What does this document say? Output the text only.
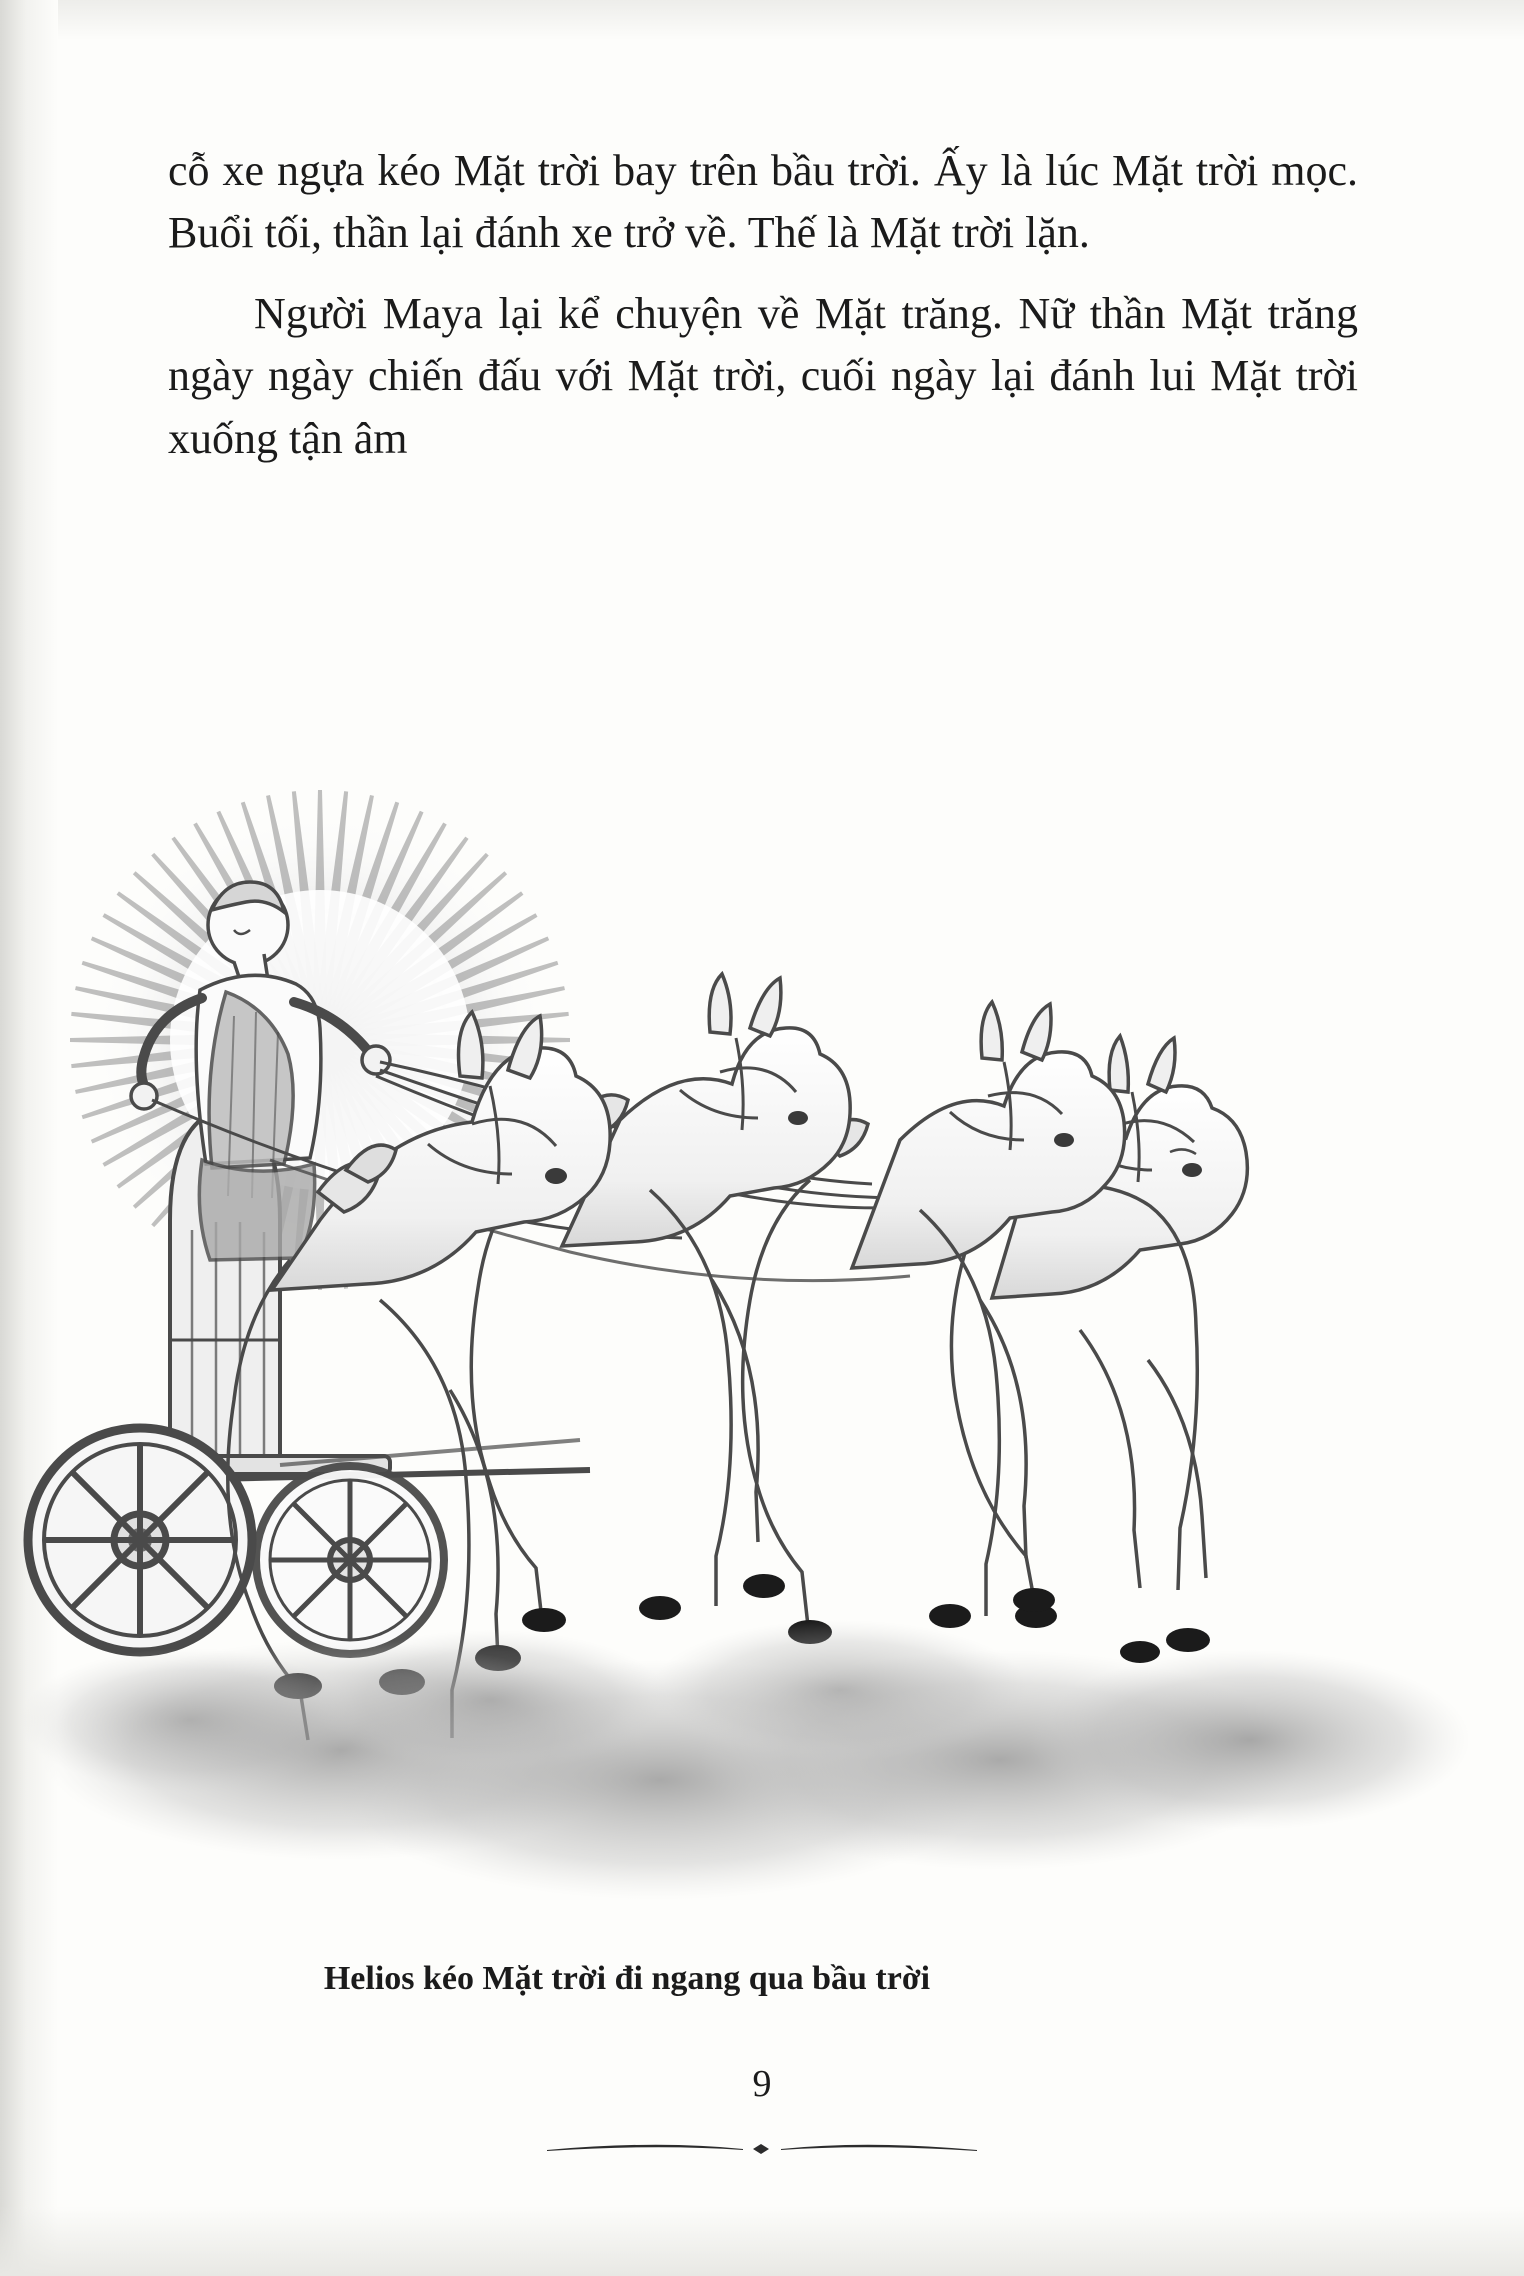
cỗ xe ngựa kéo Mặt trời bay trên bầu trời. Ấy là lúc Mặt trời mọc. Buổi tối, thần lại đánh xe trở về. Thế là Mặt trời lặn.

Người Maya lại kể chuyện về Mặt trăng. Nữ thần Mặt trăng ngày ngày chiến đấu với Mặt trời, cuối ngày lại đánh lui Mặt trời xuống tận âm

Helios kéo Mặt trời đi ngang qua bầu trời
9
